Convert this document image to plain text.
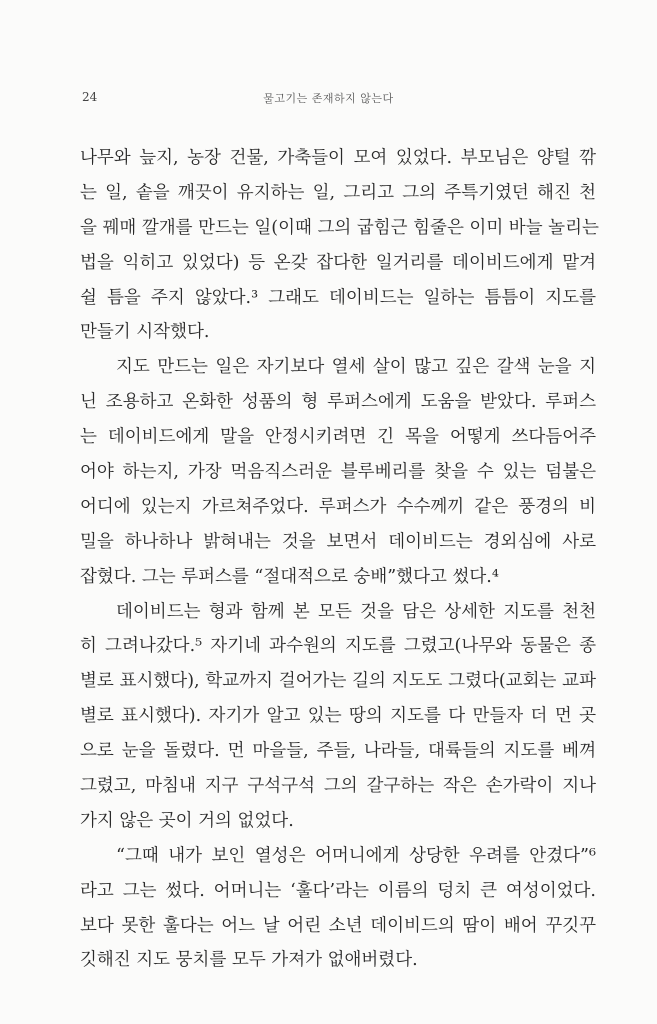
24	물고기는 존재하지 않는다
나무와 늪지, 농장 건물, 가축들이 모여 있었다. 부모님은 양털 깎
는 일, 솥을 깨끗이 유지하는 일, 그리고 그의 주특기였던 해진 천
을 꿰매 깔개를 만드는 일(이때 그의 굽힘근 힘줄은 이미 바늘 놀리는
법을 익히고 있었다) 등 온갖 잡다한 일거리를 데이비드에게 맡겨
쉴 틈을 주지 않았다.³ 그래도 데이비드는 일하는 틈틈이 지도를
만들기 시작했다.
지도 만드는 일은 자기보다 열세 살이 많고 깊은 갈색 눈을 지
닌 조용하고 온화한 성품의 형 루퍼스에게 도움을 받았다. 루퍼스
는 데이비드에게 말을 안정시키려면 긴 목을 어떻게 쓰다듬어주
어야 하는지, 가장 먹음직스러운 블루베리를 찾을 수 있는 덤불은
어디에 있는지 가르쳐주었다. 루퍼스가 수수께끼 같은 풍경의 비
밀을 하나하나 밝혀내는 것을 보면서 데이비드는 경외심에 사로
잡혔다. 그는 루퍼스를 “절대적으로 숭배”했다고 썼다.⁴
데이비드는 형과 함께 본 모든 것을 담은 상세한 지도를 천천
히 그려나갔다.⁵ 자기네 과수원의 지도를 그렸고(나무와 동물은 종
별로 표시했다), 학교까지 걸어가는 길의 지도도 그렸다(교회는 교파
별로 표시했다). 자기가 알고 있는 땅의 지도를 다 만들자 더 먼 곳
으로 눈을 돌렸다. 먼 마을들, 주들, 나라들, 대륙들의 지도를 베껴
그렸고, 마침내 지구 구석구석 그의 갈구하는 작은 손가락이 지나
가지 않은 곳이 거의 없었다.
“그때 내가 보인 열성은 어머니에게 상당한 우려를 안겼다”⁶
라고 그는 썼다. 어머니는 ‘훌다’라는 이름의 덩치 큰 여성이었다.
보다 못한 훌다는 어느 날 어린 소년 데이비드의 땀이 배어 꾸깃꾸
깃해진 지도 뭉치를 모두 가져가 없애버렸다.
